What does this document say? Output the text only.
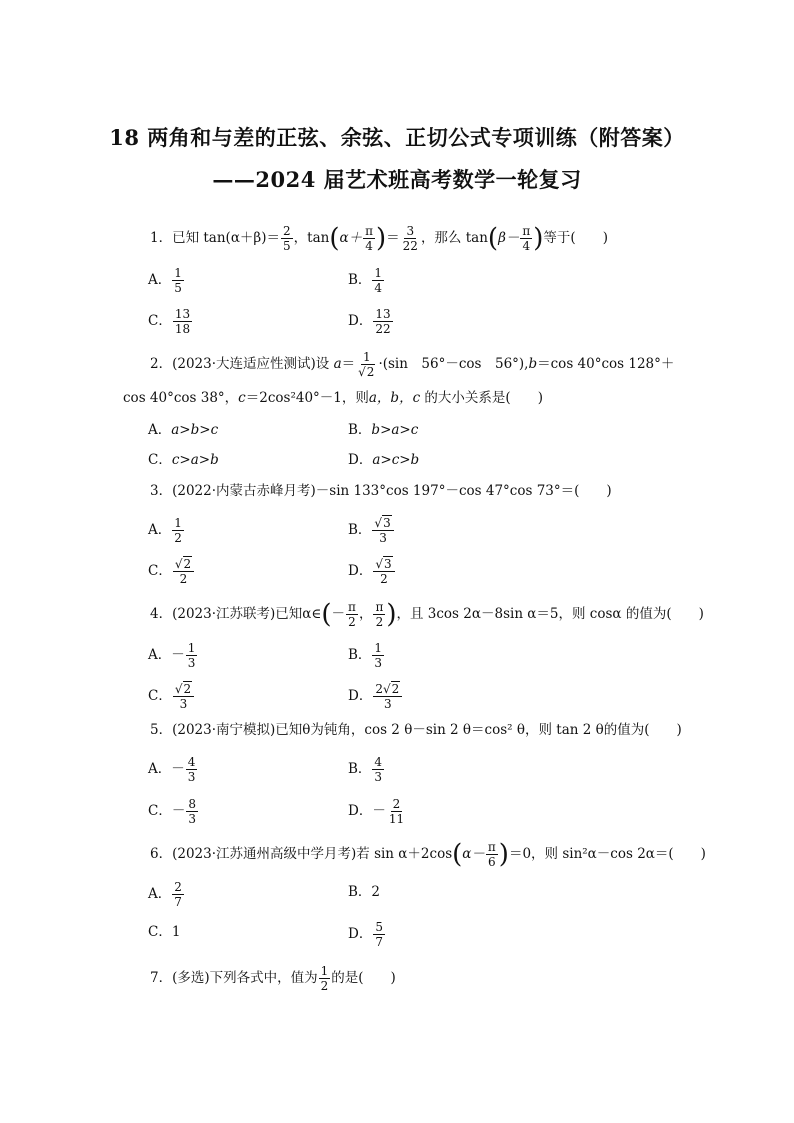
18 两角和与差的正弦、余弦、正切公式专项训练（附答案）
——2024 届艺术班高考数学一轮复习
1．已知 $\tan(\alpha+\beta)= \frac{2}{5}$ ，$\tan(\alpha+ \frac{\pi}{4}$ )＝ $\frac{3}{22}$ ，那么 $\tan(\beta- \frac{\pi}{4}$ )等于(　　)
A． $\frac{1}{5}$	B． $\frac{1}{4}$
C． $\frac{13}{18}$	D． $\frac{13}{22}$
2．(2023·大连适应性测试)设 $a= \frac{1}{√2} \cdot(\sin$　56°－cos　56°),b＝cos 40°cos 128°＋
cos 40°cos 38°，c＝2cos²40°－1，则a，b，c 的大小关系是(　　)
A．a>b>c	B．b>a>c
C．c>a>b	D．a>c>b
3．(2022·内蒙古赤峰月考)－sin 133°cos 197°－cos 47°cos 73°＝(　　)
A． $\frac{1}{2}$	B． $\frac{√3}{3}$
C． $\frac{√2}{2}$	D． $\frac{√3}{2}$
4．(2023·江苏联考)已知α∈(－ $\frac{\pi}{2}$ ， $\frac{\pi}{2}$ )，且 3cos 2α－8sin α＝5，则 cosα 的值为(　　)
A．－ $\frac{1}{3}$	B． $\frac{1}{3}$
C． $\frac{√2}{3}$	D． $\frac{2√2}{3}$
5．(2023·南宁模拟)已知θ为钝角，cos 2 θ－sin 2 θ＝cos² θ，则 tan 2 θ的值为(　　)
A．－ $\frac{4}{3}$	B． $\frac{4}{3}$
C．－ $\frac{8}{3}$	D．－ $\frac{2}{11}$
6．(2023·江苏通州高级中学月考)若 $\sin \alpha+2\cos(\alpha- \frac{\pi}{6} )=0$，则 sin²α－cos 2α＝(　　)
A． $\frac{2}{7}$	B．2
C．1	D． $\frac{5}{7}$
7．(多选)下列各式中，值为 $\frac{1}{2}$ 的是(　　)
